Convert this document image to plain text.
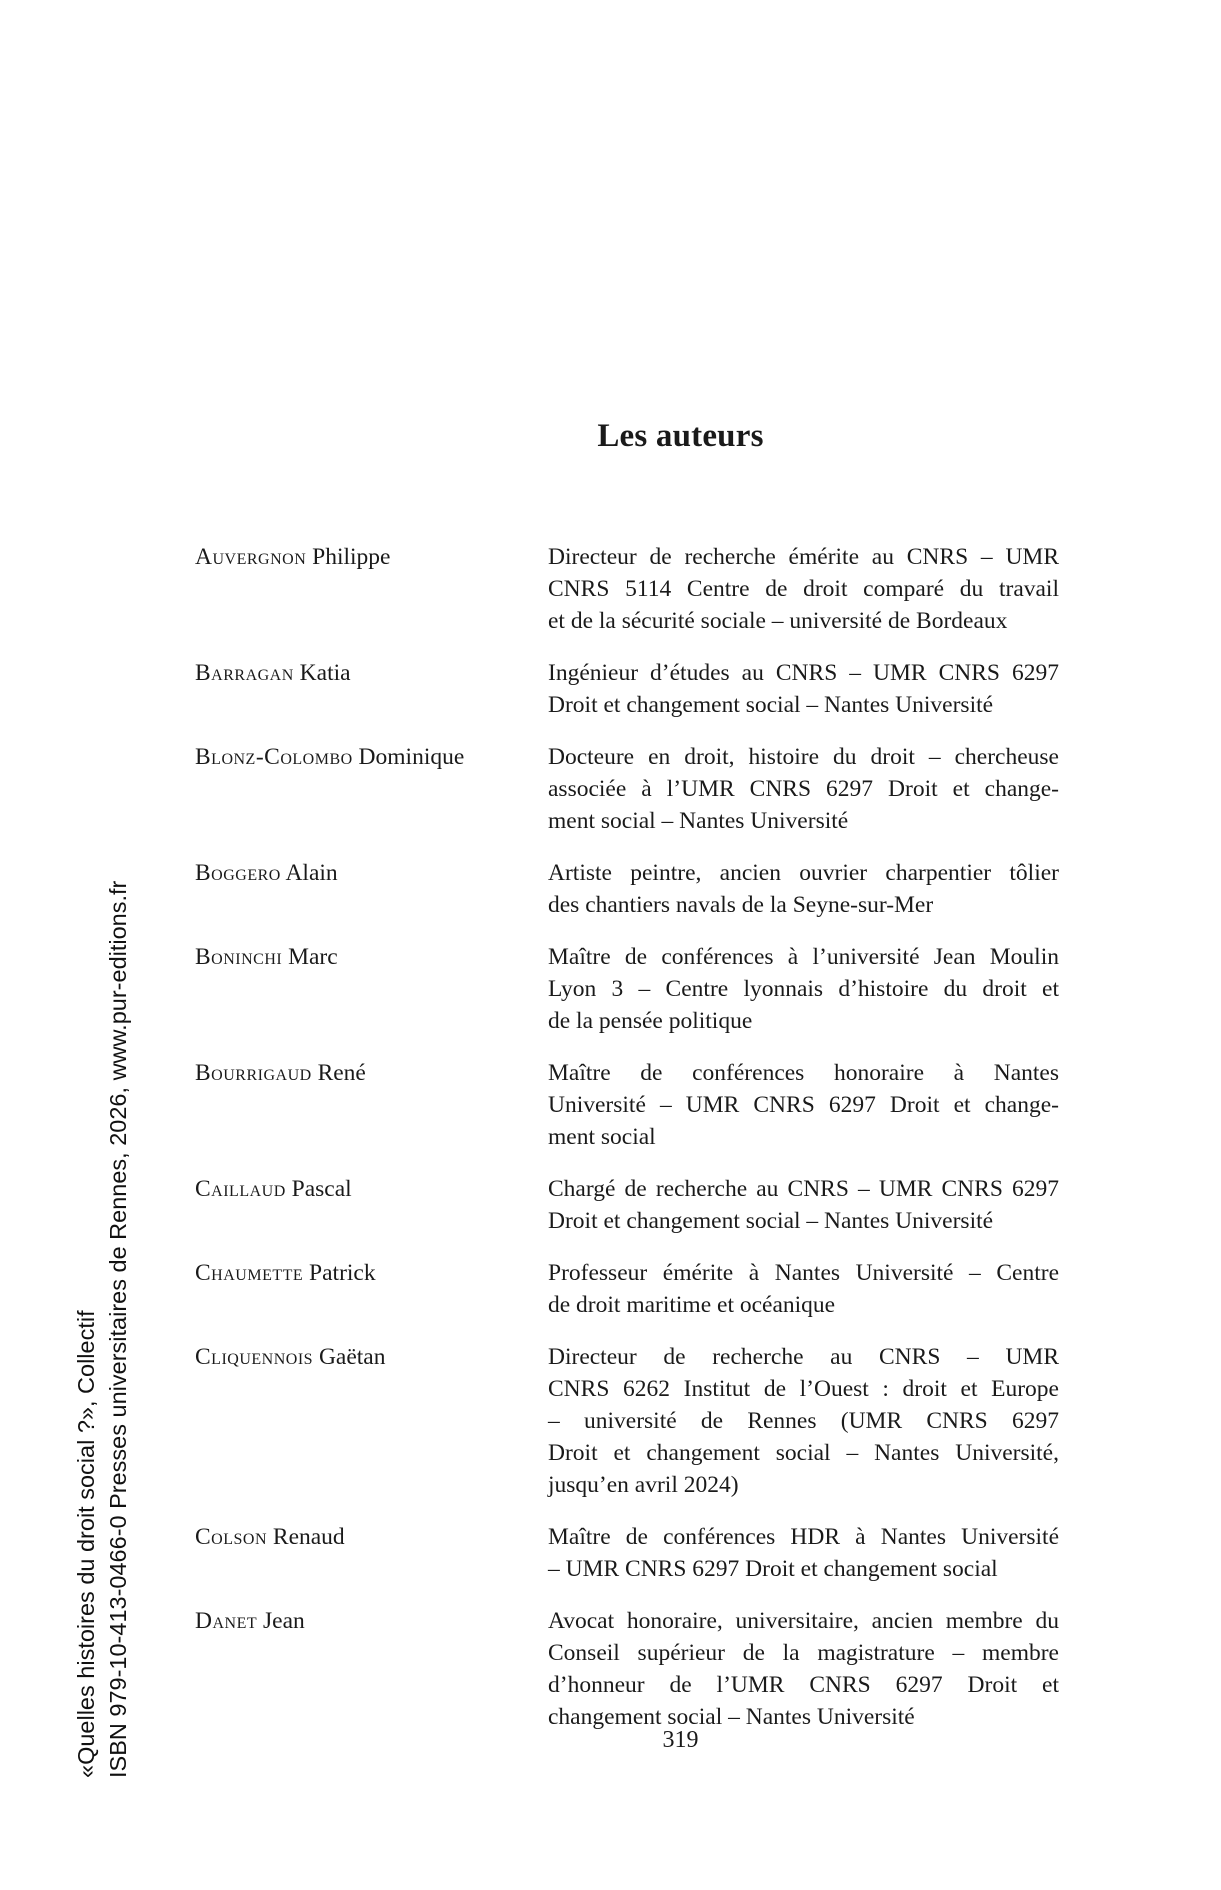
Les auteurs
Auvergnon Philippe	Directeur de recherche émérite au CNRS – UMR
CNRS 5114 Centre de droit comparé du travail
et de la sécurité sociale – université de Bordeaux
Barragan Katia	Ingénieur d’études au CNRS – UMR CNRS 6297
Droit et changement social – Nantes Université
Blonz-Colombo Dominique	Docteure en droit, histoire du droit – chercheuse
associée à l’UMR CNRS 6297 Droit et change-
ment social – Nantes Université
Boggero Alain	Artiste peintre, ancien ouvrier charpentier tôlier
des chantiers navals de la Seyne-sur-Mer
Boninchi Marc	Maître de conférences à l’université Jean Moulin
Lyon 3 – Centre lyonnais d’histoire du droit et
de la pensée politique
Bourrigaud René	Maître de conférences honoraire à Nantes
Université – UMR CNRS 6297 Droit et change-
ment social
Caillaud Pascal	Chargé de recherche au CNRS – UMR CNRS 6297
Droit et changement social – Nantes Université
Chaumette Patrick	Professeur émérite à Nantes Université – Centre
de droit maritime et océanique
Cliquennois Gaëtan	Directeur de recherche au CNRS – UMR
CNRS 6262 Institut de l’Ouest : droit et Europe
– université de Rennes (UMR CNRS 6297
Droit et changement social – Nantes Université,
jusqu’en avril 2024)
Colson Renaud	Maître de conférences HDR à Nantes Université
– UMR CNRS 6297 Droit et changement social
Danet Jean	Avocat honoraire, universitaire, ancien membre du
Conseil supérieur de la magistrature – membre
d’honneur de l’UMR CNRS 6297 Droit et
changement social – Nantes Université
319
«Quelles histoires du droit social ?», Collectif ISBN 979-10-413-0466-0 Presses universitaires de Rennes, 2026, www.pur-editions.fr
